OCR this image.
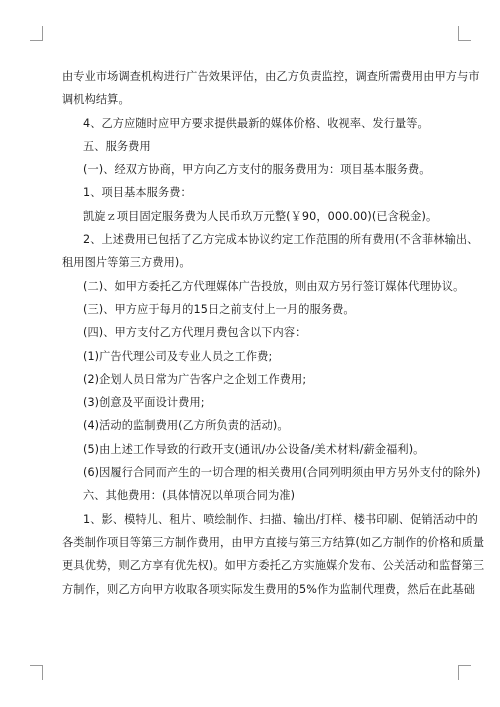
由专业市场调查机构进行广告效果评估，由乙方负责监控，调查所需费用由甲方与市
调机构结算。
4、乙方应随时应甲方要求提供最新的媒体价格、收视率、发行量等。
五、服务费用
(一)、经双方协商，甲方向乙方支付的服务费用为：项目基本服务费。
1、项目基本服务费：
凯旋ｚ项目固定服务费为人民币玖万元整(￥90，000.00)(已含税金)。
2、上述费用已包括了乙方完成本协议约定工作范围的所有费用(不含菲林输出、
租用图片等第三方费用)。
(二)、如甲方委托乙方代理媒体广告投放，则由双方另行签订媒体代理协议。
(三)、甲方应于每月的15日之前支付上一月的服务费。
(四)、甲方支付乙方代理月费包含以下内容：
(1)广告代理公司及专业人员之工作费;
(2)企划人员日常为广告客户之企划工作费用;
(3)创意及平面设计费用;
(4)活动的监制费用(乙方所负责的活动)。
(5)由上述工作导致的行政开支(通讯/办公设备/美术材料/薪金福利)。
(6)因履行合同而产生的一切合理的相关费用(合同列明须由甲方另外支付的除外)
六、其他费用：(具体情况以单项合同为准)
1、影、模特儿、租片、喷绘制作、扫描、输出/打样、楼书印刷、促销活动中的
各类制作项目等第三方制作费用，由甲方直接与第三方结算(如乙方制作的价格和质量
更具优势，则乙方享有优先权)。如甲方委托乙方实施媒介发布、公关活动和监督第三
方制作，则乙方向甲方收取各项实际发生费用的5%作为监制代理费，然后在此基础
